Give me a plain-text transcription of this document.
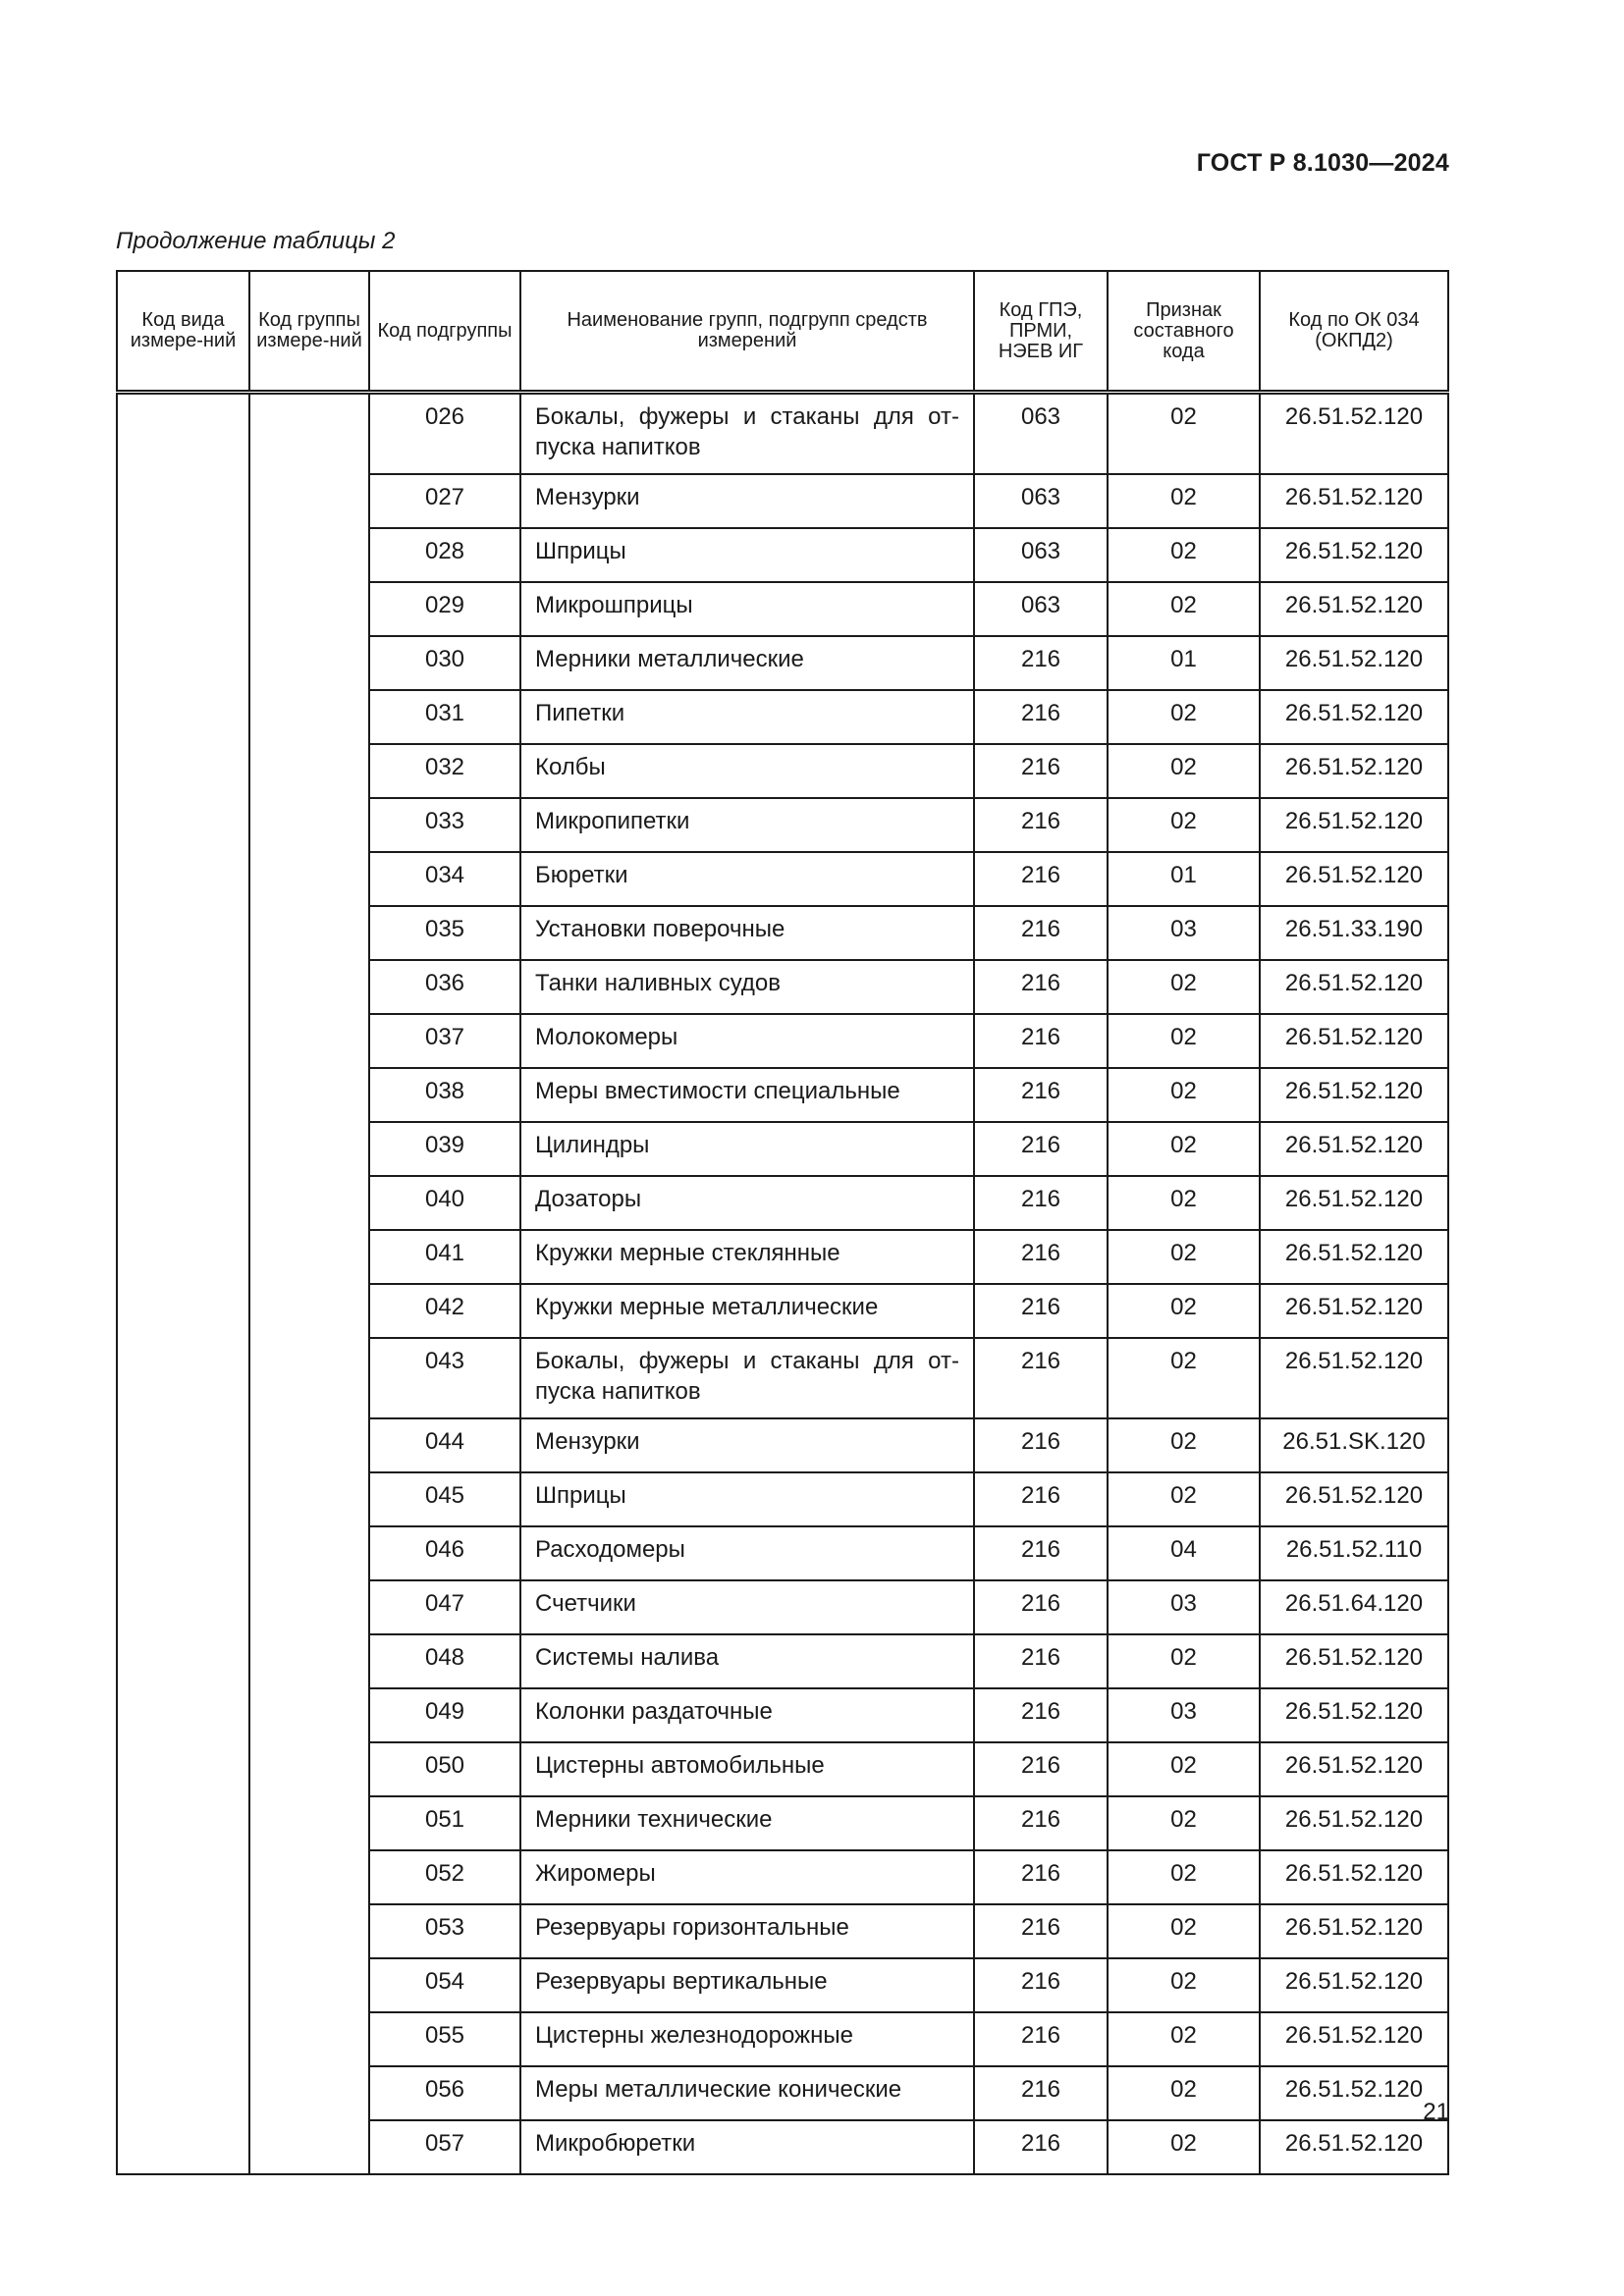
ГОСТ Р 8.1030—2024
Продолжение таблицы 2
Код вида измере-ний	Код группы измере-ний	Код подгруппы	Наименование групп, подгрупп средств измерений	Код ГПЭ, ПРМИ, НЭЕВ ИГ	Признак составного кода	Код по ОК 034 (ОКПД2)
		026	Бокалы, фужеры и стаканы для от-пуска напитков	063	02	26.51.52.120
		027	Мензурки	063	02	26.51.52.120
		028	Шприцы	063	02	26.51.52.120
		029	Микрошприцы	063	02	26.51.52.120
		030	Мерники металлические	216	01	26.51.52.120
		031	Пипетки	216	02	26.51.52.120
		032	Колбы	216	02	26.51.52.120
		033	Микропипетки	216	02	26.51.52.120
		034	Бюретки	216	01	26.51.52.120
		035	Установки поверочные	216	03	26.51.33.190
		036	Танки наливных судов	216	02	26.51.52.120
		037	Молокомеры	216	02	26.51.52.120
		038	Меры вместимости специальные	216	02	26.51.52.120
		039	Цилиндры	216	02	26.51.52.120
		040	Дозаторы	216	02	26.51.52.120
		041	Кружки мерные стеклянные	216	02	26.51.52.120
		042	Кружки мерные металлические	216	02	26.51.52.120
		043	Бокалы, фужеры и стаканы для от-пуска напитков	216	02	26.51.52.120
		044	Мензурки	216	02	26.51.SK.120
		045	Шприцы	216	02	26.51.52.120
		046	Расходомеры	216	04	26.51.52.110
		047	Счетчики	216	03	26.51.64.120
		048	Системы налива	216	02	26.51.52.120
		049	Колонки раздаточные	216	03	26.51.52.120
		050	Цистерны автомобильные	216	02	26.51.52.120
		051	Мерники технические	216	02	26.51.52.120
		052	Жиромеры	216	02	26.51.52.120
		053	Резервуары горизонтальные	216	02	26.51.52.120
		054	Резервуары вертикальные	216	02	26.51.52.120
		055	Цистерны железнодорожные	216	02	26.51.52.120
		056	Меры металлические конические	216	02	26.51.52.120
		057	Микробюретки	216	02	26.51.52.120
21
